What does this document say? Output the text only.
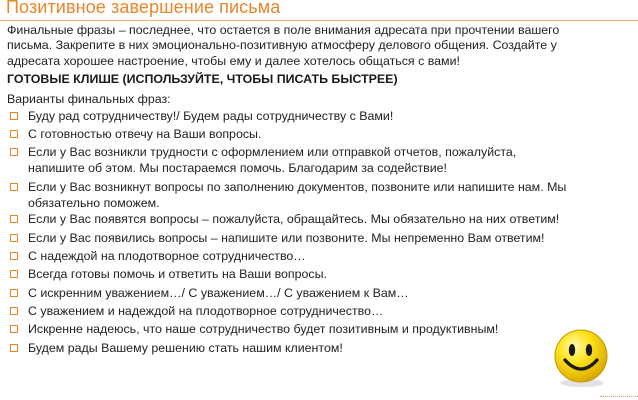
Позитивное завершение письма
Финальные фразы – последнее, что остается в поле внимания адресата при прочтении вашего
письма. Закрепите в них эмоционально-позитивную атмосферу делового общения. Создайте у
адресата хорошее настроение, чтобы ему и далее хотелось общаться с вами!
ГОТОВЫЕ КЛИШЕ (ИСПОЛЬЗУЙТЕ, ЧТОБЫ ПИСАТЬ БЫСТРЕЕ)
Варианты финальных фраз:
Буду рад сотрудничеству!/ Будем рады сотрудничеству с Вами!
С готовностью отвечу на Ваши вопросы.
Если у Вас возникли трудности с оформлением или отправкой отчетов, пожалуйста,
напишите об этом. Мы постараемся помочь. Благодарим за содействие!
Если у Вас возникнут вопросы по заполнению документов, позвоните или напишите нам. Мы
обязательно поможем.
Если у Вас появятся вопросы – пожалуйста, обращайтесь. Мы обязательно на них ответим!
Если у Вас появились вопросы – напишите или позвоните. Мы непременно Вам ответим!
С надеждой на плодотворное сотрудничество…
Всегда готовы помочь и ответить на Ваши вопросы.
С искренним уважением…/ С уважением…/ С уважением к Вам…
С уважением и надеждой на плодотворное сотрудничество…
Искренне надеюсь, что наше сотрудничество будет позитивным и продуктивным!
Будем рады Вашему решению стать нашим клиентом!
